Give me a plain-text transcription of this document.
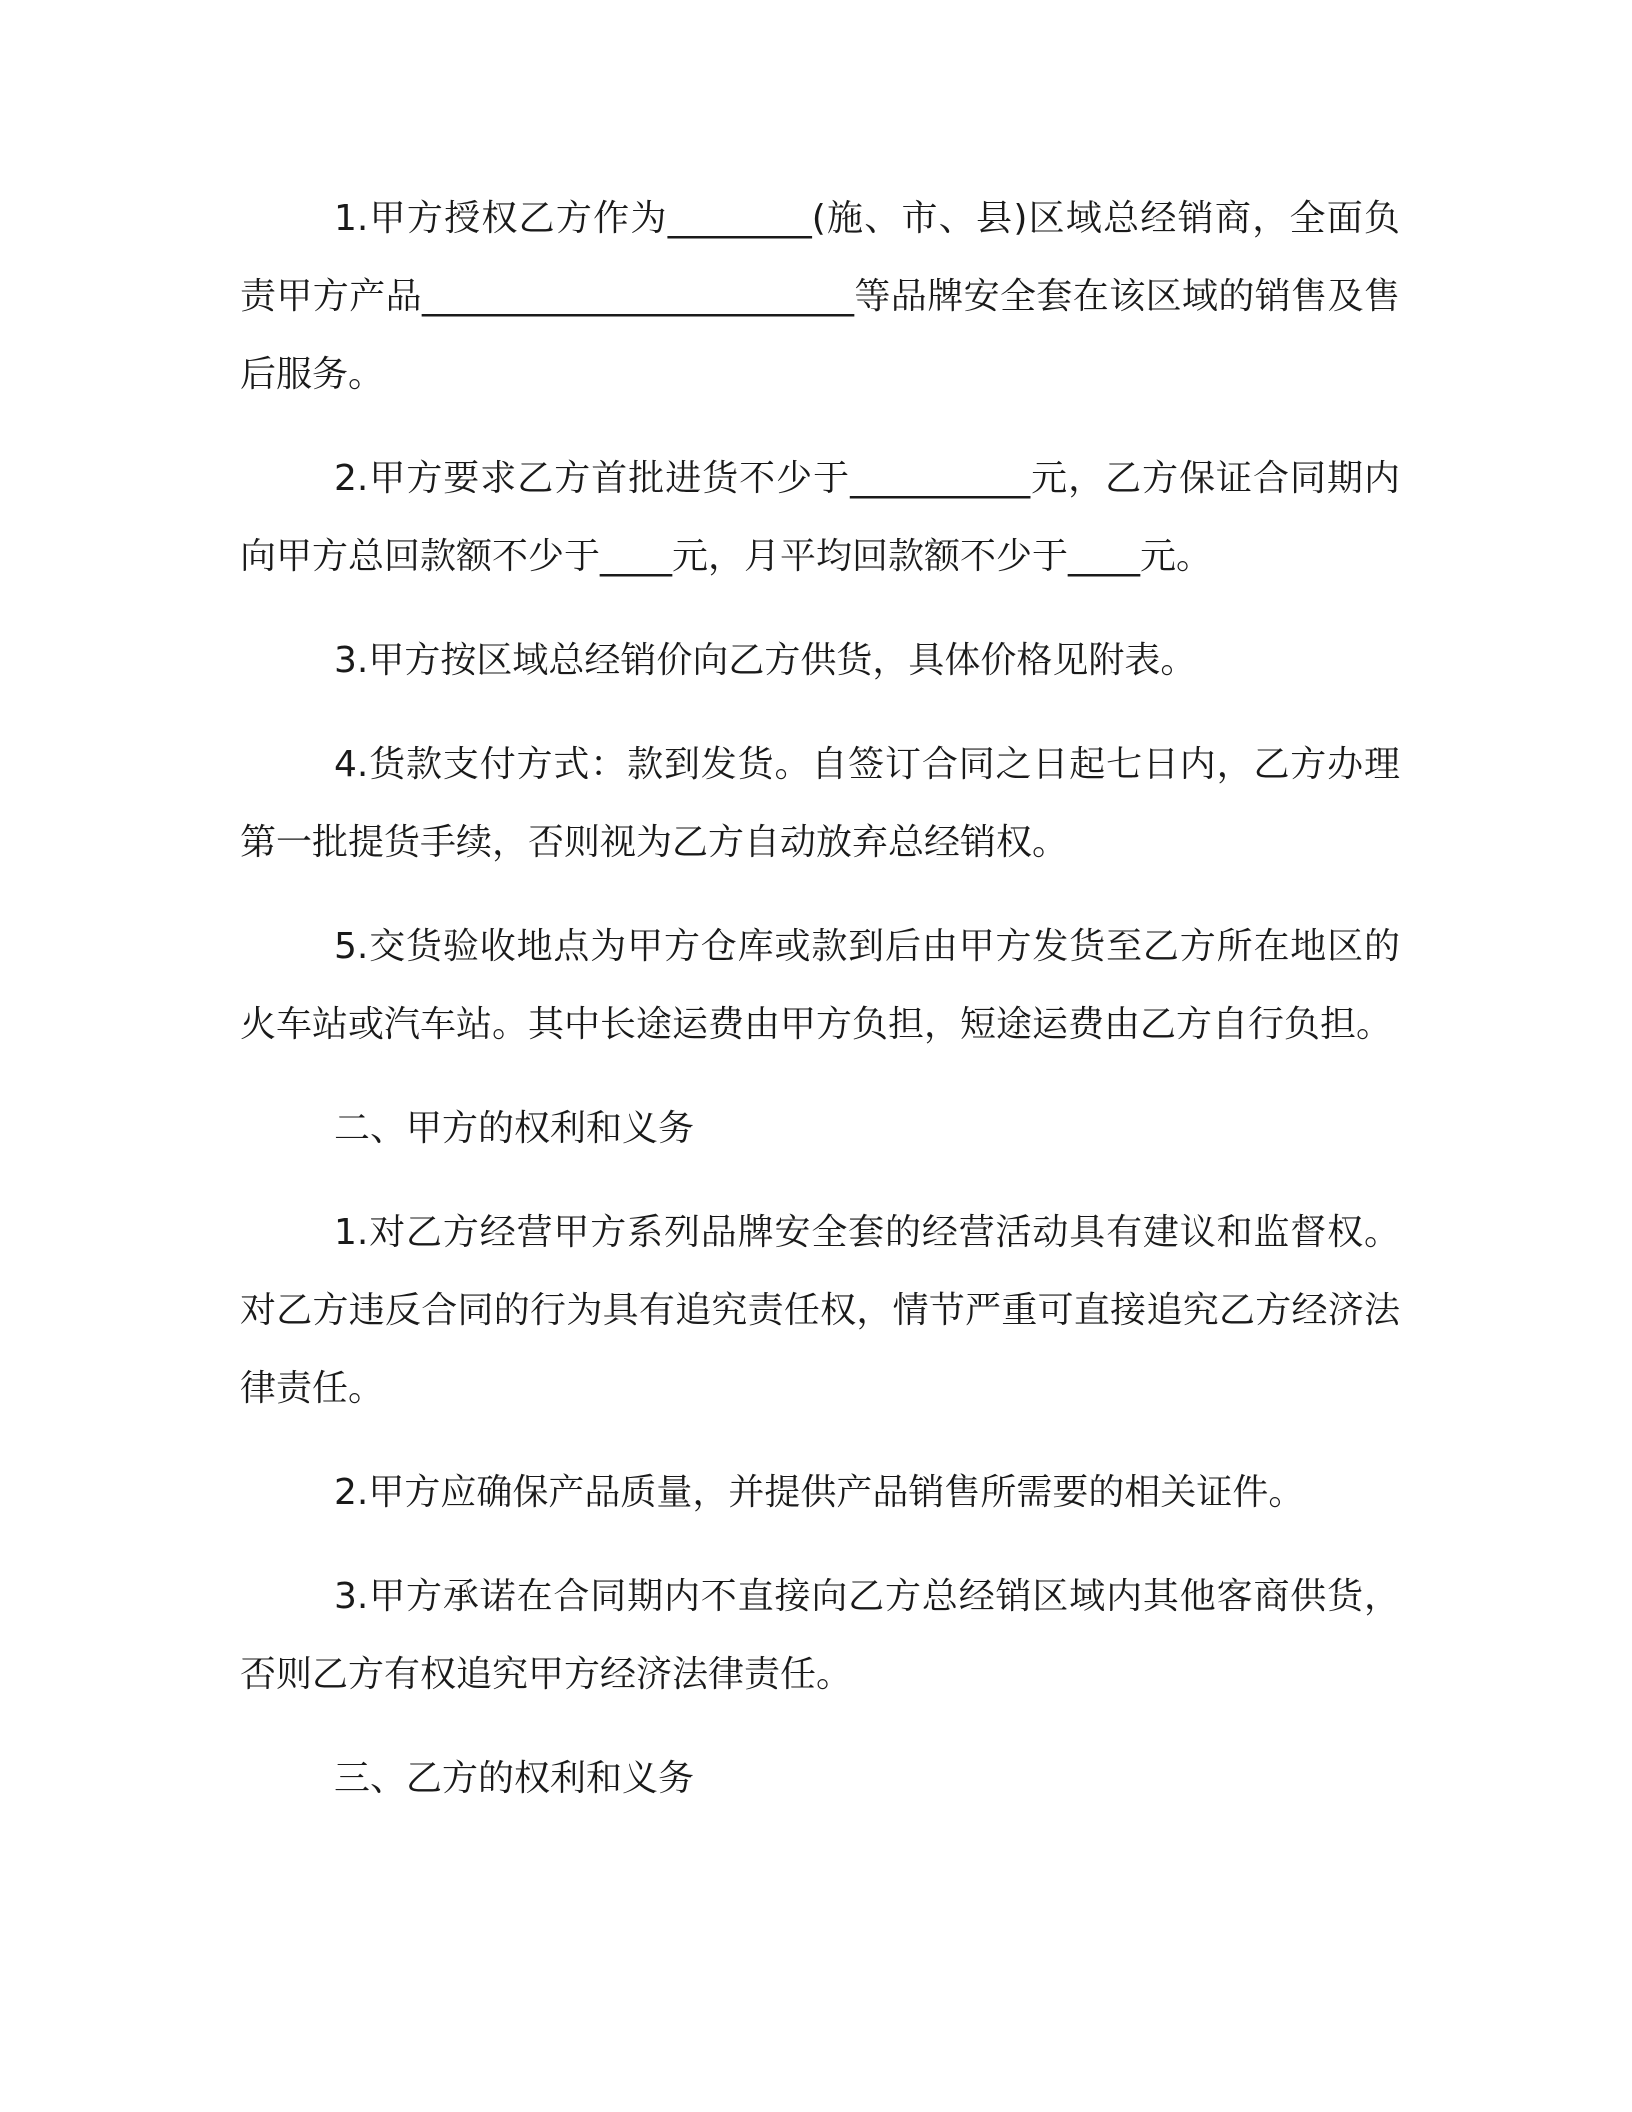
1.甲方授权乙方作为________(施、市、县)区域总经销商，全面负责甲方产品________________________等品牌安全套在该区域的销售及售后服务。

2.甲方要求乙方首批进货不少于__________元，乙方保证合同期内向甲方总回款额不少于____元，月平均回款额不少于____元。

3.甲方按区域总经销价向乙方供货，具体价格见附表。

4.货款支付方式：款到发货。自签订合同之日起七日内，乙方办理第一批提货手续，否则视为乙方自动放弃总经销权。

5.交货验收地点为甲方仓库或款到后由甲方发货至乙方所在地区的火车站或汽车站。其中长途运费由甲方负担，短途运费由乙方自行负担。

二、甲方的权利和义务

1.对乙方经营甲方系列品牌安全套的经营活动具有建议和监督权。对乙方违反合同的行为具有追究责任权，情节严重可直接追究乙方经济法律责任。

2.甲方应确保产品质量，并提供产品销售所需要的相关证件。

3.甲方承诺在合同期内不直接向乙方总经销区域内其他客商供货，否则乙方有权追究甲方经济法律责任。

三、乙方的权利和义务
